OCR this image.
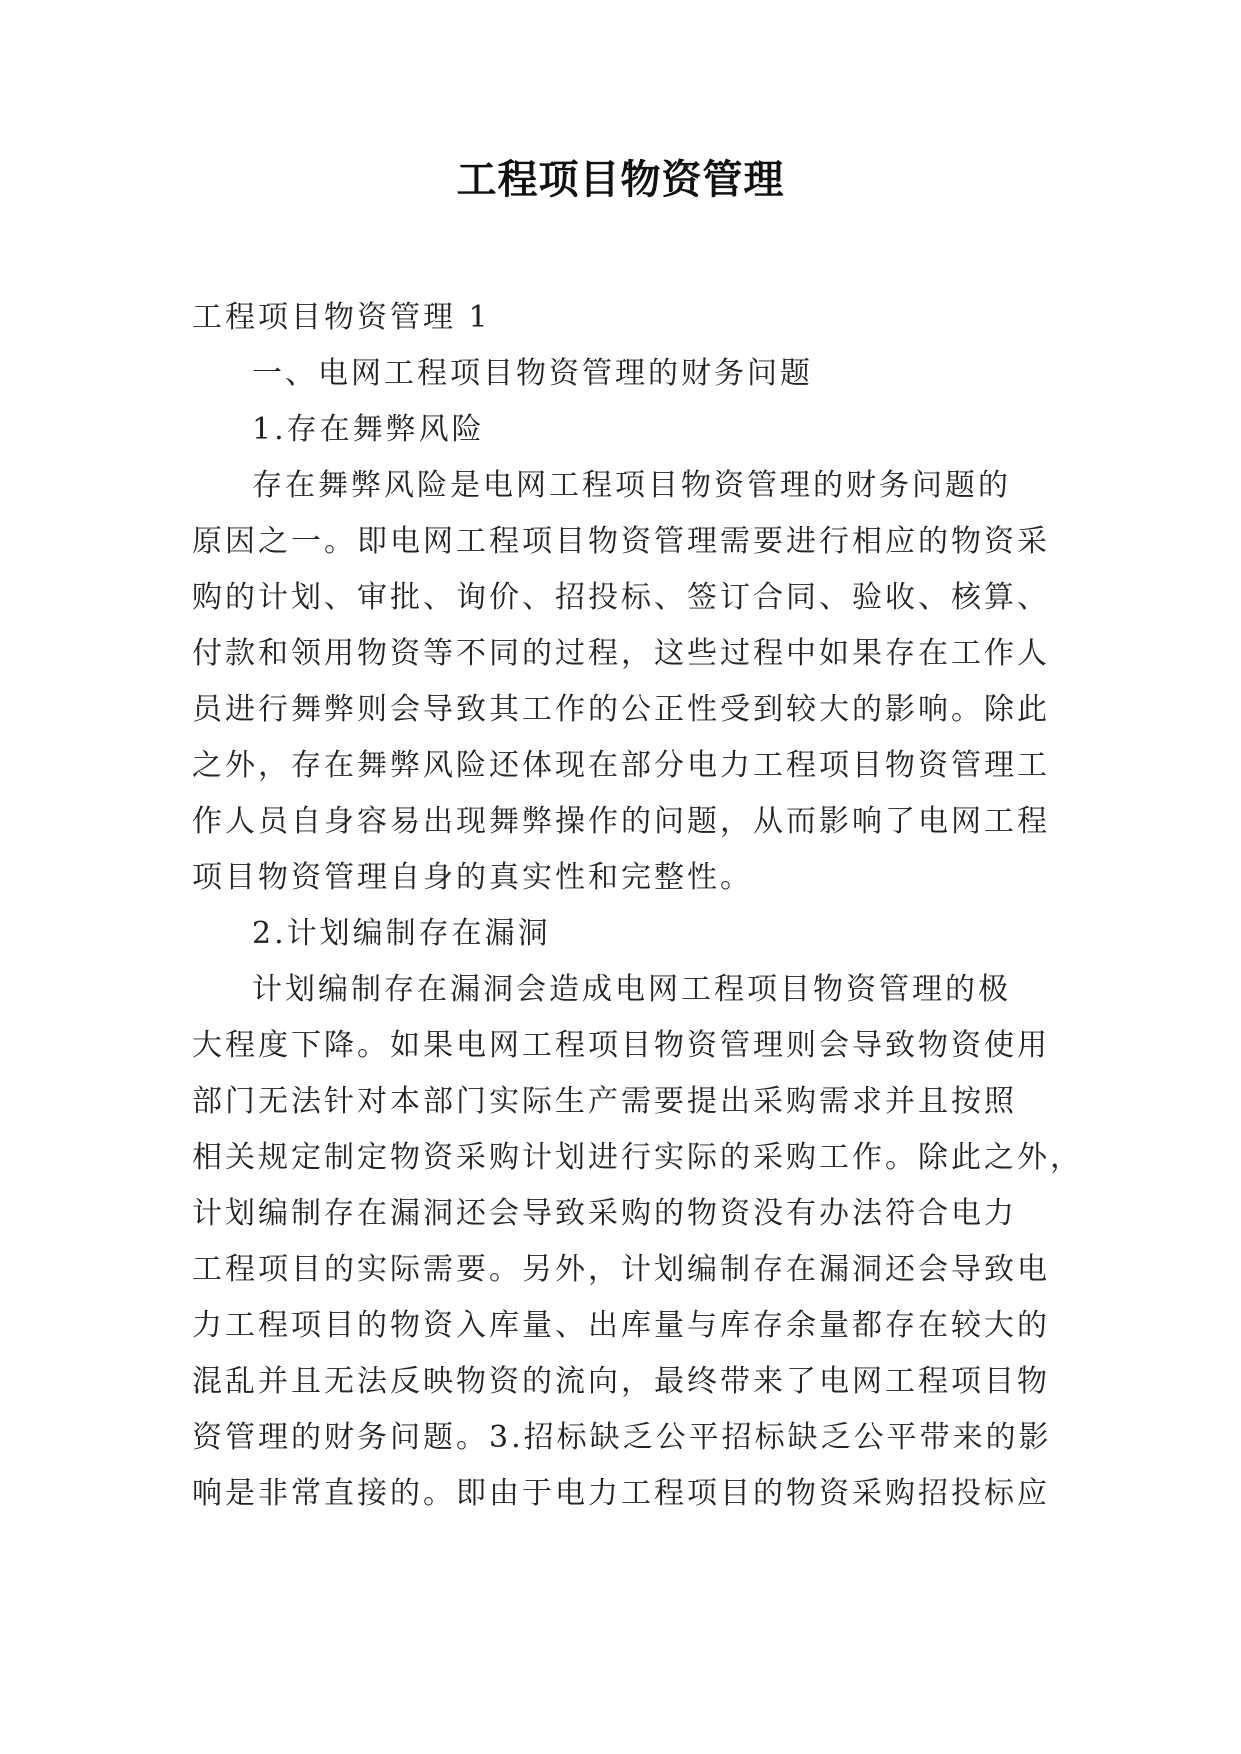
工程项目物资管理
工程项目物资管理 1
一、电网工程项目物资管理的财务问题
1.存在舞弊风险
存在舞弊风险是电网工程项目物资管理的财务问题的
原因之一。即电网工程项目物资管理需要进行相应的物资采
购的计划、审批、询价、招投标、签订合同、验收、核算、
付款和领用物资等不同的过程，这些过程中如果存在工作人
员进行舞弊则会导致其工作的公正性受到较大的影响。除此
之外，存在舞弊风险还体现在部分电力工程项目物资管理工
作人员自身容易出现舞弊操作的问题，从而影响了电网工程
项目物资管理自身的真实性和完整性。
2.计划编制存在漏洞
计划编制存在漏洞会造成电网工程项目物资管理的极
大程度下降。如果电网工程项目物资管理则会导致物资使用
部门无法针对本部门实际生产需要提出采购需求并且按照
相关规定制定物资采购计划进行实际的采购工作。除此之外，
计划编制存在漏洞还会导致采购的物资没有办法符合电力
工程项目的实际需要。另外，计划编制存在漏洞还会导致电
力工程项目的物资入库量、出库量与库存余量都存在较大的
混乱并且无法反映物资的流向，最终带来了电网工程项目物
资管理的财务问题。3.招标缺乏公平招标缺乏公平带来的影
响是非常直接的。即由于电力工程项目的物资采购招投标应
